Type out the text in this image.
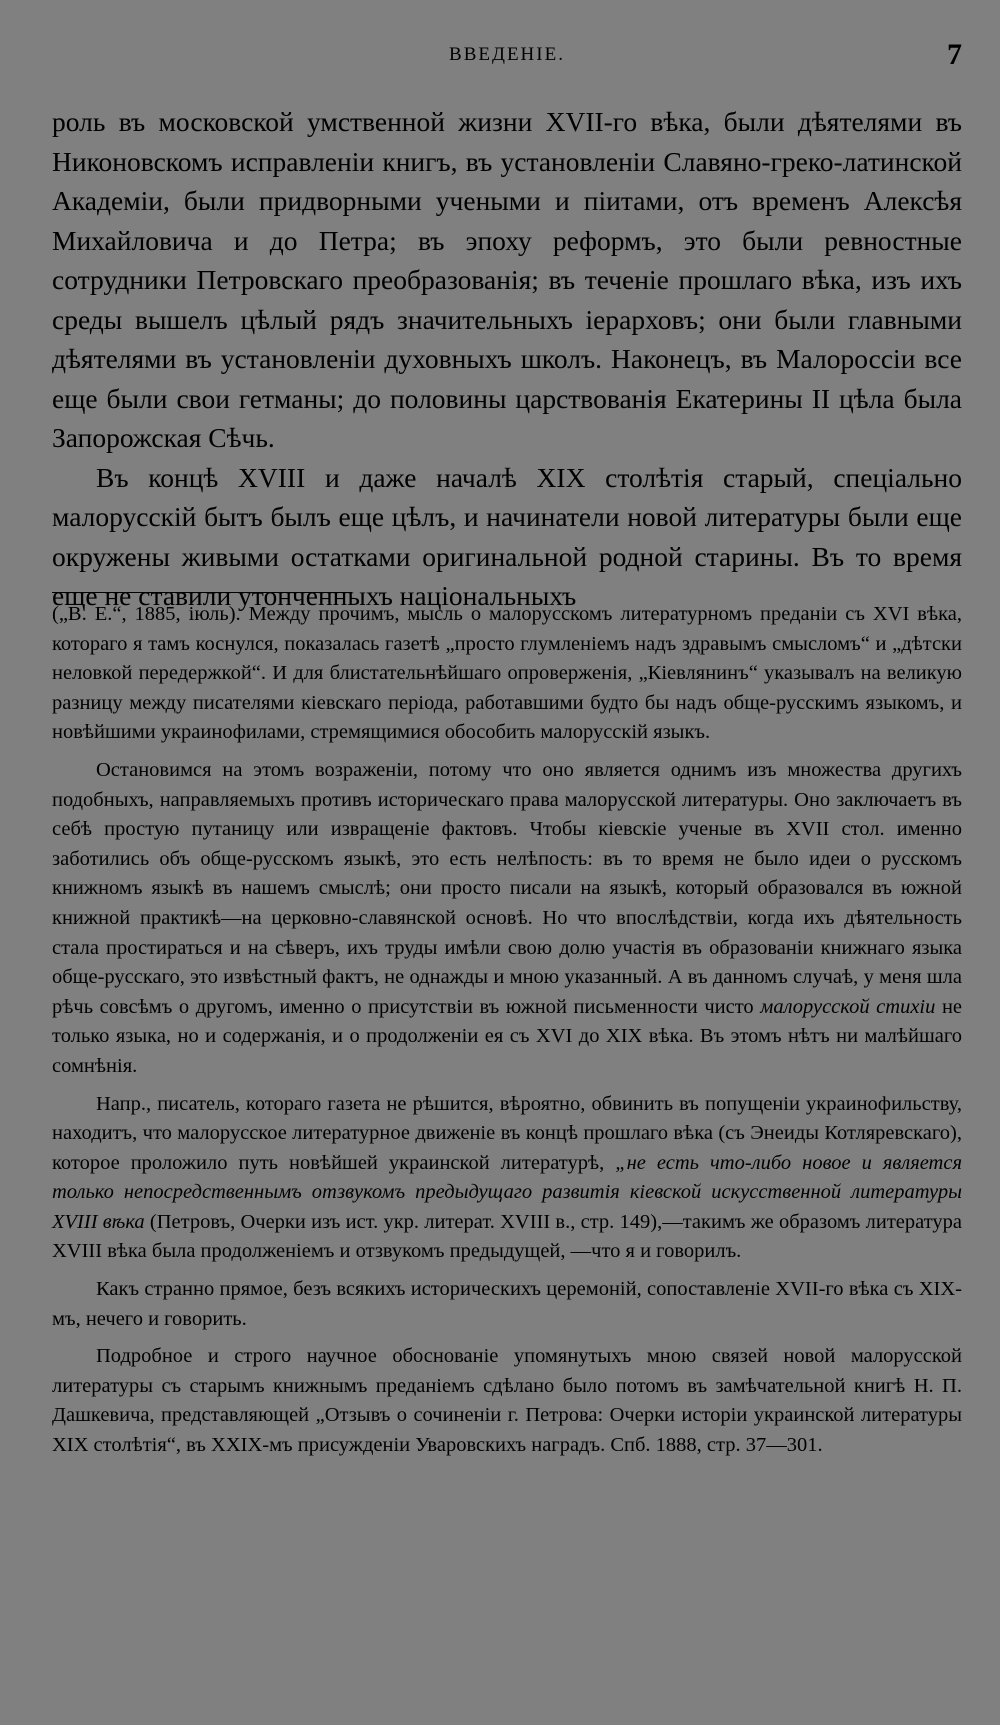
ВВЕДЕНІЕ.	7

роль въ московской умственной жизни XVII-го вѣка, были дѣятелями въ Никоновскомъ исправленіи книгъ, въ установленіи Славяно-греко-латинской Академіи, были придворными учеными и піитами, отъ временъ Алексѣя Михайловича и до Петра; въ эпоху реформъ, это были ревностные сотрудники Петровскаго преобразованія; въ теченіе прошлаго вѣка, изъ ихъ среды вышелъ цѣлый рядъ значительныхъ іерарховъ; они были главными дѣятелями въ установленіи духовныхъ школъ. Наконецъ, въ Малороссіи все еще были свои гетманы; до половины царствованія Екатерины II цѣла была Запорожская Сѣчь.

Въ концѣ XVIII и даже началѣ XIX столѣтія старый, спеціально малорусскій бытъ былъ еще цѣлъ, и начинатели новой литературы были еще окружены живыми остатками оригинальной родной старины. Въ то время еще не ставили утонченныхъ національныхъ

(„В. Е.“, 1885, іюль). Между прочимъ, мысль о малорусскомъ литературномъ преданіи съ XVI вѣка, котораго я тамъ коснулся, показалась газетѣ „просто глумленіемъ надъ здравымъ смысломъ“ и „дѣтски неловкой передержкой“. И для блистательнѣйшаго опроверженія, „Кіевлянинъ“ указывалъ на великую разницу между писателями кіевскаго періода, работавшими будто бы надъ обще-русскимъ языкомъ, и новѣйшими украинофилами, стремящимися обособить малорусскій языкъ.

Остановимся на этомъ возраженіи, потому что оно является однимъ изъ множества другихъ подобныхъ, направляемыхъ противъ историческаго права малорусской литературы. Оно заключаетъ въ себѣ простую путаницу или извращеніе фактовъ. Чтобы кіевскіе ученые въ XVII стол. именно заботились объ обще-русскомъ языкѣ, это есть нелѣпость: въ то время не было идеи о русскомъ книжномъ языкѣ въ нашемъ смыслѣ; они просто писали на языкѣ, который образовался въ южной книжной практикѣ—на церковно-славянской основѣ. Но что впослѣдствіи, когда ихъ дѣятельность стала простираться и на сѣверъ, ихъ труды имѣли свою долю участія въ образованіи книжнаго языка обще-русскаго, это извѣстный фактъ, не однажды и мною указанный. А въ данномъ случаѣ, у меня шла рѣчь совсѣмъ о другомъ, именно о присутствіи въ южной письменности чисто малорусской стихіи не только языка, но и содержанія, и о продолженіи ея съ XVI до XIX вѣка. Въ этомъ нѣтъ ни малѣйшаго сомнѣнія.

Напр., писатель, котораго газета не рѣшится, вѣроятно, обвинить въ попущеніи украинофильству, находитъ, что малорусское литературное движеніе въ концѣ прошлаго вѣка (съ Энеиды Котляревскаго), которое проложило путь новѣйшей украинской литературѣ, „не есть что-либо новое и является только непосредственнымъ отзвукомъ предыдущаго развитія кіевской искусственной литературы XVIII вѣка (Петровъ, Очерки изъ ист. укр. литерат. XVIII в., стр. 149),—такимъ же образомъ литература XVIII вѣка была продолженіемъ и отзвукомъ предыдущей, —что я и говорилъ.

Какъ странно прямое, безъ всякихъ историческихъ церемоній, сопоставленіе XVII-го вѣка съ XIX-мъ, нечего и говорить.

Подробное и строго научное обоснованіе упомянутыхъ мною связей новой малорусской литературы съ старымъ книжнымъ преданіемъ сдѣлано было потомъ въ замѣчательной книгѣ Н. П. Дашкевича, представляющей „Отзывъ о сочиненіи г. Петрова: Очерки исторіи украинской литературы XIX столѣтія“, въ XXIX-мъ присужденіи Уваровскихъ наградъ. Спб. 1888, стр. 37—301.
